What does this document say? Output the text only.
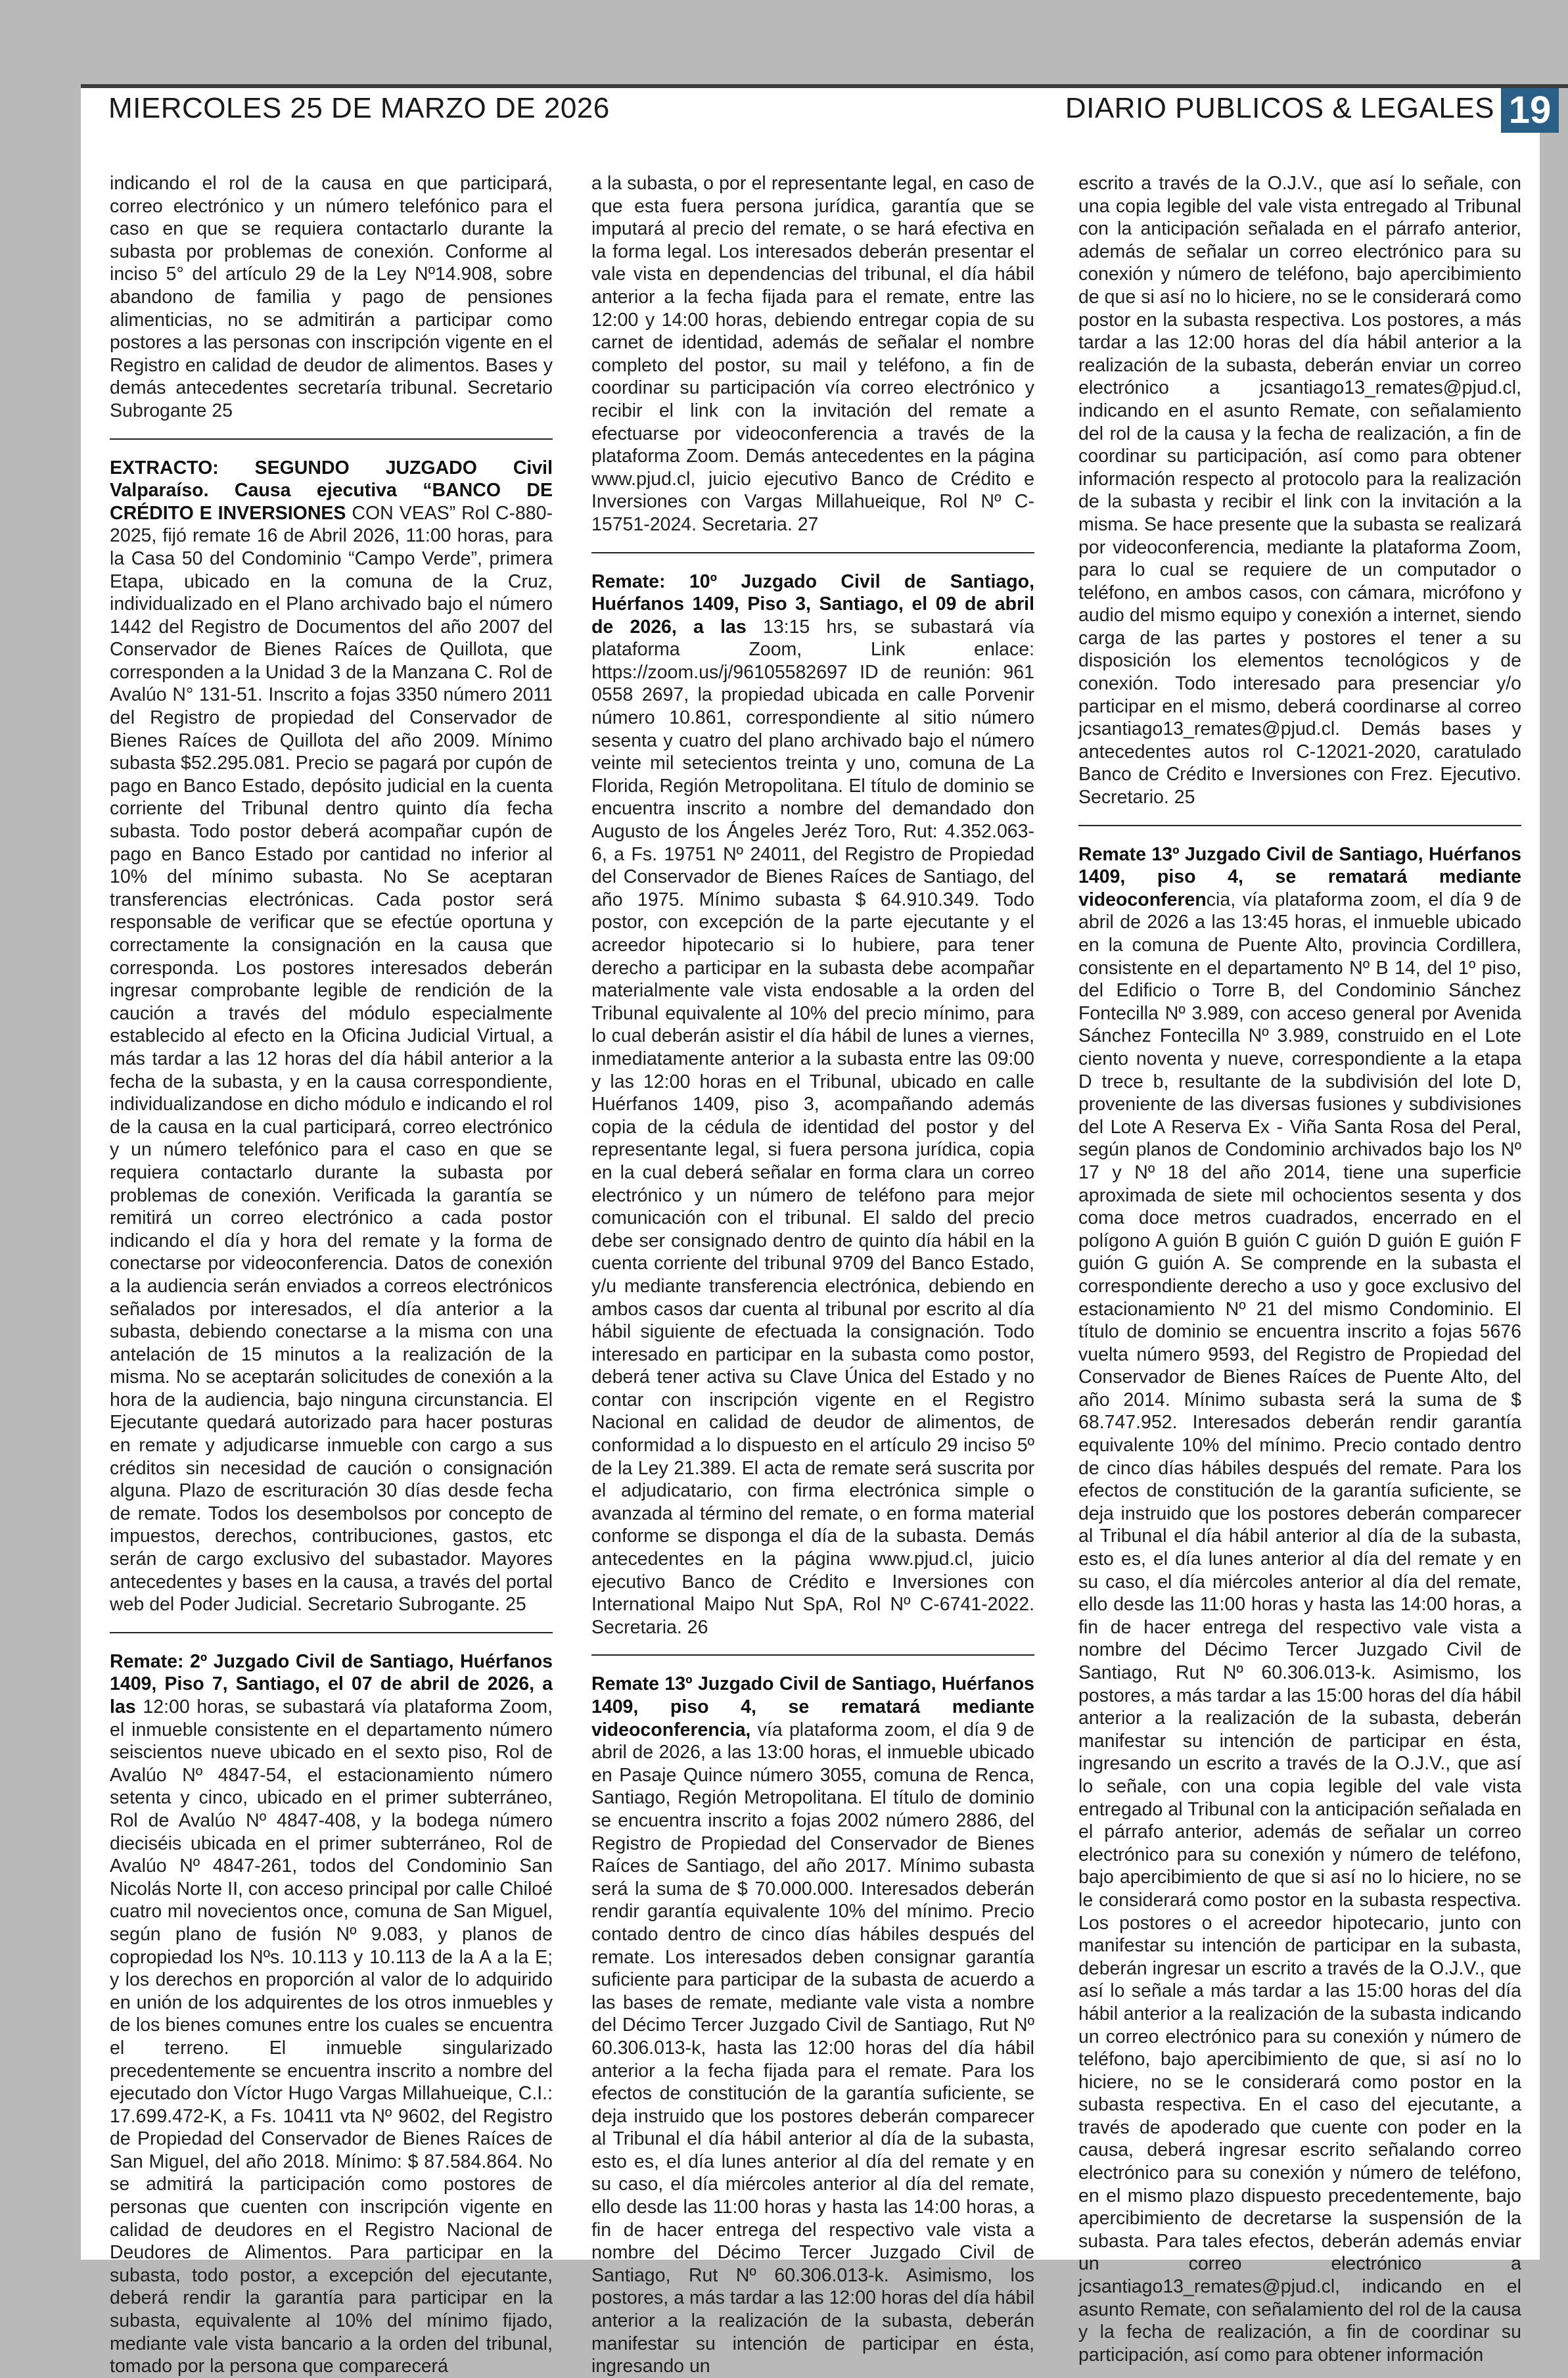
MIERCOLES 25 DE MARZO DE 2026	DIARIO PUBLICOS & LEGALES 19

indicando el rol de la causa en que participará, correo electrónico y un número telefónico para el caso en que se requiera contactarlo durante la subasta por problemas de conexión. Conforme al inciso 5° del artículo 29 de la Ley Nº14.908, sobre abandono de familia y pago de pensiones alimenticias, no se admitirán a participar como postores a las personas con inscripción vigente en el Registro en calidad de deudor de alimentos. Bases y demás antecedentes secretaría tribunal. Secretario Subrogante 25

EXTRACTO: SEGUNDO JUZGADO Civil Valparaíso. Causa ejecutiva “BANCO DE CRÉDITO E INVERSIONES CON VEAS” Rol C-880-2025, fijó remate 16 de Abril 2026, 11:00 horas, para la Casa 50 del Condominio “Campo Verde”, primera Etapa, ubicado en la comuna de la Cruz, individualizado en el Plano archivado bajo el número 1442 del Registro de Documentos del año 2007 del Conservador de Bienes Raíces de Quillota, que corresponden a la Unidad 3 de la Manzana C. Rol de Avalúo N° 131-51. Inscrito a fojas 3350 número 2011 del Registro de propiedad del Conservador de Bienes Raíces de Quillota del año 2009. Mínimo subasta $52.295.081. Precio se pagará por cupón de pago en Banco Estado, depósito judicial en la cuenta corriente del Tribunal dentro quinto día fecha subasta. Todo postor deberá acompañar cupón de pago en Banco Estado por cantidad no inferior al 10% del mínimo subasta. No Se aceptaran transferencias electrónicas. Cada postor será responsable de verificar que se efectúe oportuna y correctamente la consignación en la causa que corresponda. Los postores interesados deberán ingresar comprobante legible de rendición de la caución a través del módulo especialmente establecido al efecto en la Oficina Judicial Virtual, a más tardar a las 12 horas del día hábil anterior a la fecha de la subasta, y en la causa correspondiente, individualizandose en dicho módulo e indicando el rol de la causa en la cual participará, correo electrónico y un número telefónico para el caso en que se requiera contactarlo durante la subasta por problemas de conexión. Verificada la garantía se remitirá un correo electrónico a cada postor indicando el día y hora del remate y la forma de conectarse por videoconferencia. Datos de conexión a la audiencia serán enviados a correos electrónicos señalados por interesados, el día anterior a la subasta, debiendo conectarse a la misma con una antelación de 15 minutos a la realización de la misma. No se aceptarán solicitudes de conexión a la hora de la audiencia, bajo ninguna circunstancia. El Ejecutante quedará autorizado para hacer posturas en remate y adjudicarse inmueble con cargo a sus créditos sin necesidad de caución o consignación alguna. Plazo de escrituración 30 días desde fecha de remate. Todos los desembolsos por concepto de impuestos, derechos, contribuciones, gastos, etc serán de cargo exclusivo del subastador. Mayores antecedentes y bases en la causa, a través del portal web del Poder Judicial. Secretario Subrogante. 25

Remate: 2º Juzgado Civil de Santiago, Huérfanos 1409, Piso 7, Santiago, el 07 de abril de 2026, a las 12:00 horas, se subastará vía plataforma Zoom, el inmueble consistente en el departamento número seiscientos nueve ubicado en el sexto piso, Rol de Avalúo Nº 4847-54, el estacionamiento número setenta y cinco, ubicado en el primer subterráneo, Rol de Avalúo Nº 4847-408, y la bodega número dieciséis ubicada en el primer subterráneo, Rol de Avalúo Nº 4847-261, todos del Condominio San Nicolás Norte II, con acceso principal por calle Chiloé cuatro mil novecientos once, comuna de San Miguel, según plano de fusión Nº 9.083, y planos de copropiedad los Nºs. 10.113 y 10.113 de la A a la E; y los derechos en proporción al valor de lo adquirido en unión de los adquirentes de los otros inmuebles y de los bienes comunes entre los cuales se encuentra el terreno. El inmueble singularizado precedentemente se encuentra inscrito a nombre del ejecutado don Víctor Hugo Vargas Millahueique, C.I.: 17.699.472-K, a Fs. 10411 vta Nº 9602, del Registro de Propiedad del Conservador de Bienes Raíces de San Miguel, del año 2018. Mínimo: $ 87.584.864. No se admitirá la participación como postores de personas que cuenten con inscripción vigente en calidad de deudores en el Registro Nacional de Deudores de Alimentos. Para participar en la subasta, todo postor, a excepción del ejecutante, deberá rendir la garantía para participar en la subasta, equivalente al 10% del mínimo fijado, mediante vale vista bancario a la orden del tribunal, tomado por la persona que comparecerá

a la subasta, o por el representante legal, en caso de que esta fuera persona jurídica, garantía que se imputará al precio del remate, o se hará efectiva en la forma legal. Los interesados deberán presentar el vale vista en dependencias del tribunal, el día hábil anterior a la fecha fijada para el remate, entre las 12:00 y 14:00 horas, debiendo entregar copia de su carnet de identidad, además de señalar el nombre completo del postor, su mail y teléfono, a fin de coordinar su participación vía correo electrónico y recibir el link con la invitación del remate a efectuarse por videoconferencia a través de la plataforma Zoom. Demás antecedentes en la página www.pjud.cl, juicio ejecutivo Banco de Crédito e Inversiones con Vargas Millahueique, Rol Nº C-15751-2024. Secretaria. 27

Remate: 10º Juzgado Civil de Santiago, Huérfanos 1409, Piso 3, Santiago, el 09 de abril de 2026, a las 13:15 hrs, se subastará vía plataforma Zoom, Link enlace: https://zoom.us/j/96105582697 ID de reunión: 961 0558 2697, la propiedad ubicada en calle Porvenir número 10.861, correspondiente al sitio número sesenta y cuatro del plano archivado bajo el número veinte mil setecientos treinta y uno, comuna de La Florida, Región Metropolitana. El título de dominio se encuentra inscrito a nombre del demandado don Augusto de los Ángeles Jeréz Toro, Rut: 4.352.063-6, a Fs. 19751 Nº 24011, del Registro de Propiedad del Conservador de Bienes Raíces de Santiago, del año 1975. Mínimo subasta $ 64.910.349. Todo postor, con excepción de la parte ejecutante y el acreedor hipotecario si lo hubiere, para tener derecho a participar en la subasta debe acompañar materialmente vale vista endosable a la orden del Tribunal equivalente al 10% del precio mínimo, para lo cual deberán asistir el día hábil de lunes a viernes, inmediatamente anterior a la subasta entre las 09:00 y las 12:00 horas en el Tribunal, ubicado en calle Huérfanos 1409, piso 3, acompañando además copia de la cédula de identidad del postor y del representante legal, si fuera persona jurídica, copia en la cual deberá señalar en forma clara un correo electrónico y un número de teléfono para mejor comunicación con el tribunal. El saldo del precio debe ser consignado dentro de quinto día hábil en la cuenta corriente del tribunal 9709 del Banco Estado, y/u mediante transferencia electrónica, debiendo en ambos casos dar cuenta al tribunal por escrito al día hábil siguiente de efectuada la consignación. Todo interesado en participar en la subasta como postor, deberá tener activa su Clave Única del Estado y no contar con inscripción vigente en el Registro Nacional en calidad de deudor de alimentos, de conformidad a lo dispuesto en el artículo 29 inciso 5º de la Ley 21.389. El acta de remate será suscrita por el adjudicatario, con firma electrónica simple o avanzada al término del remate, o en forma material conforme se disponga el día de la subasta. Demás antecedentes en la página www.pjud.cl, juicio ejecutivo Banco de Crédito e Inversiones con International Maipo Nut SpA, Rol Nº C-6741-2022. Secretaria. 26

Remate 13º Juzgado Civil de Santiago, Huérfanos 1409, piso 4, se rematará mediante videoconferencia, vía plataforma zoom, el día 9 de abril de 2026, a las 13:00 horas, el inmueble ubicado en Pasaje Quince número 3055, comuna de Renca, Santiago, Región Metropolitana. El título de dominio se encuentra inscrito a fojas 2002 número 2886, del Registro de Propiedad del Conservador de Bienes Raíces de Santiago, del año 2017. Mínimo subasta será la suma de $ 70.000.000. Interesados deberán rendir garantía equivalente 10% del mínimo. Precio contado dentro de cinco días hábiles después del remate. Los interesados deben consignar garantía suficiente para participar de la subasta de acuerdo a las bases de remate, mediante vale vista a nombre del Décimo Tercer Juzgado Civil de Santiago, Rut Nº 60.306.013-k, hasta las 12:00 horas del día hábil anterior a la fecha fijada para el remate. Para los efectos de constitución de la garantía suficiente, se deja instruido que los postores deberán comparecer al Tribunal el día hábil anterior al día de la subasta, esto es, el día lunes anterior al día del remate y en su caso, el día miércoles anterior al día del remate, ello desde las 11:00 horas y hasta las 14:00 horas, a fin de hacer entrega del respectivo vale vista a nombre del Décimo Tercer Juzgado Civil de Santiago, Rut Nº 60.306.013-k. Asimismo, los postores, a más tardar a las 12:00 horas del día hábil anterior a la realización de la subasta, deberán manifestar su intención de participar en ésta, ingresando un

escrito a través de la O.J.V., que así lo señale, con una copia legible del vale vista entregado al Tribunal con la anticipación señalada en el párrafo anterior, además de señalar un correo electrónico para su conexión y número de teléfono, bajo apercibimiento de que si así no lo hiciere, no se le considerará como postor en la subasta respectiva. Los postores, a más tardar a las 12:00 horas del día hábil anterior a la realización de la subasta, deberán enviar un correo electrónico a jcsantiago13_remates@pjud.cl, indicando en el asunto Remate, con señalamiento del rol de la causa y la fecha de realización, a fin de coordinar su participación, así como para obtener información respecto al protocolo para la realización de la subasta y recibir el link con la invitación a la misma. Se hace presente que la subasta se realizará por videoconferencia, mediante la plataforma Zoom, para lo cual se requiere de un computador o teléfono, en ambos casos, con cámara, micrófono y audio del mismo equipo y conexión a internet, siendo carga de las partes y postores el tener a su disposición los elementos tecnológicos y de conexión. Todo interesado para presenciar y/o participar en el mismo, deberá coordinarse al correo jcsantiago13_remates@pjud.cl. Demás bases y antecedentes autos rol C-12021-2020, caratulado Banco de Crédito e Inversiones con Frez. Ejecutivo. Secretario. 25

Remate 13º Juzgado Civil de Santiago, Huérfanos 1409, piso 4, se rematará mediante videoconferencia, vía plataforma zoom, el día 9 de abril de 2026 a las 13:45 horas, el inmueble ubicado en la comuna de Puente Alto, provincia Cordillera, consistente en el departamento Nº B 14, del 1º piso, del Edificio o Torre B, del Condominio Sánchez Fontecilla Nº 3.989, con acceso general por Avenida Sánchez Fontecilla Nº 3.989, construido en el Lote ciento noventa y nueve, correspondiente a la etapa D trece b, resultante de la subdivisión del lote D, proveniente de las diversas fusiones y subdivisiones del Lote A Reserva Ex - Viña Santa Rosa del Peral, según planos de Condominio archivados bajo los Nº 17 y Nº 18 del año 2014, tiene una superficie aproximada de siete mil ochocientos sesenta y dos coma doce metros cuadrados, encerrado en el polígono A guión B guión C guión D guión E guión F guión G guión A. Se comprende en la subasta el correspondiente derecho a uso y goce exclusivo del estacionamiento Nº 21 del mismo Condominio. El título de dominio se encuentra inscrito a fojas 5676 vuelta número 9593, del Registro de Propiedad del Conservador de Bienes Raíces de Puente Alto, del año 2014. Mínimo subasta será la suma de $ 68.747.952. Interesados deberán rendir garantía equivalente 10% del mínimo. Precio contado dentro de cinco días hábiles después del remate. Para los efectos de constitución de la garantía suficiente, se deja instruido que los postores deberán comparecer al Tribunal el día hábil anterior al día de la subasta, esto es, el día lunes anterior al día del remate y en su caso, el día miércoles anterior al día del remate, ello desde las 11:00 horas y hasta las 14:00 horas, a fin de hacer entrega del respectivo vale vista a nombre del Décimo Tercer Juzgado Civil de Santiago, Rut Nº 60.306.013-k. Asimismo, los postores, a más tardar a las 15:00 horas del día hábil anterior a la realización de la subasta, deberán manifestar su intención de participar en ésta, ingresando un escrito a través de la O.J.V., que así lo señale, con una copia legible del vale vista entregado al Tribunal con la anticipación señalada en el párrafo anterior, además de señalar un correo electrónico para su conexión y número de teléfono, bajo apercibimiento de que si así no lo hiciere, no se le considerará como postor en la subasta respectiva. Los postores o el acreedor hipotecario, junto con manifestar su intención de participar en la subasta, deberán ingresar un escrito a través de la O.J.V., que así lo señale a más tardar a las 15:00 horas del día hábil anterior a la realización de la subasta indicando un correo electrónico para su conexión y número de teléfono, bajo apercibimiento de que, si así no lo hiciere, no se le considerará como postor en la subasta respectiva. En el caso del ejecutante, a través de apoderado que cuente con poder en la causa, deberá ingresar escrito señalando correo electrónico para su conexión y número de teléfono, en el mismo plazo dispuesto precedentemente, bajo apercibimiento de decretarse la suspensión de la subasta. Para tales efectos, deberán además enviar un correo electrónico a jcsantiago13_remates@pjud.cl, indicando en el asunto Remate, con señalamiento del rol de la causa y la fecha de realización, a fin de coordinar su participación, así como para obtener información
